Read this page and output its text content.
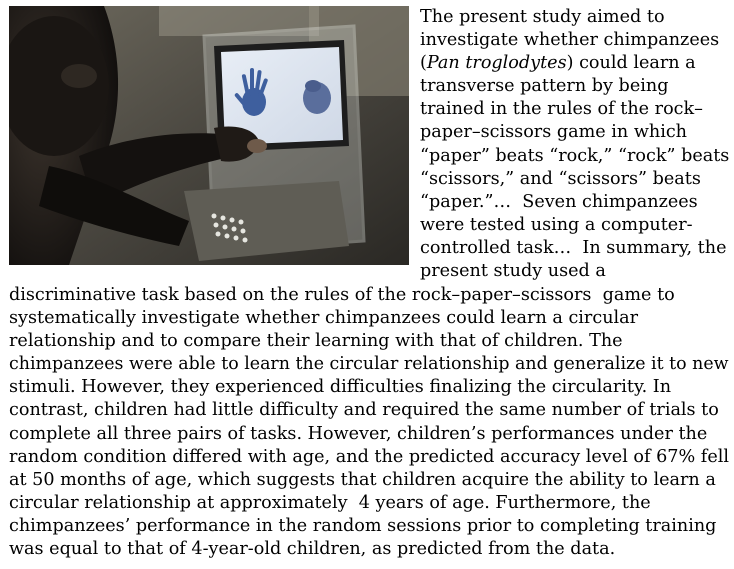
The present study aimed to
investigate whether chimpanzees
(Pan troglodytes) could learn a
transverse pattern by being
trained in the rules of the rock–
paper–scissors game in which
“paper” beats “rock,” “rock” beats
“scissors,” and “scissors” beats
“paper.”…  Seven chimpanzees
were tested using a computer-
controlled task…  In summary, the
present study used a
discriminative task based on the rules of the rock–paper–scissors  game to
systematically investigate whether chimpanzees could learn a circular
relationship and to compare their learning with that of children. The
chimpanzees were able to learn the circular relationship and generalize it to new
stimuli. However, they experienced difficulties finalizing the circularity. In
contrast, children had little difficulty and required the same number of trials to
complete all three pairs of tasks. However, children’s performances under the
random condition differed with age, and the predicted accuracy level of 67% fell
at 50 months of age, which suggests that children acquire the ability to learn a
circular relationship at approximately  4 years of age. Furthermore, the
chimpanzees’ performance in the random sessions prior to completing training
was equal to that of 4-year-old children, as predicted from the data.
